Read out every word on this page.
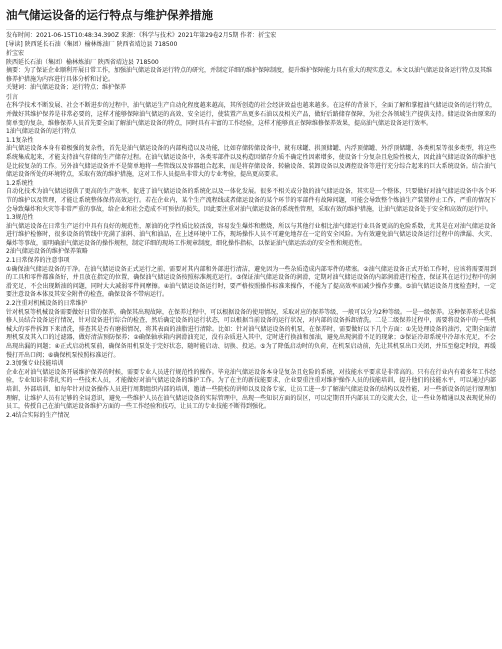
油气储运设备的运行特点与维护保养措施
发布时间：2021-06-15T10:48:34.390Z 来源：《科学与技术》2021年第29卷2月5期 作者：折宝宏
[导读] 陕西延长石油（集团）榆林炼油厂 陕西省靖边县 718500
折宝宏
陕西延长石油（集团）榆林炼油厂 陕西省靖边县 718500
摘要：为了保证企业顺利开展日常工作，加强油气储运设备运行特点的研究，并制定详细的维护保障制度，提升维护保障能力具有重大的现实意义。本文以油气储运设备运行特点及其维修养护措施为内容进行具体分析和讨论。
关键词：油气储运设备；运行特点；维护保养
引言
在科学技术不断发展、社会不断进步的过程中，油气储运生产自动化程度越来越高，其所创造的社会经济效益也越来越多。在这样的背景下，全面了解和掌握油气储运设备的运行特点，并做好其维护保养是非常必要的，这样才能够保障油气储运的高效、安全运行，使装置产出更多石油以及相关产品，做好后路储存保障，为社会各领域生产提供支持。储运设备由原来的简单变的复杂，维修保养人员首先要全面了解油气储运设备的特点，同时具有丰富的工作经验，这样才能够真正保障维修保养效果，提高油气储运设备运行效率。
1油气储运设备的运行特点
1.1复杂性
油气储运设备本身有着极强的复杂性，首先是油气储运设备的内部构造以及功能，比如存储转储设备中，就有球罐、拱顶储罐、内浮顶储罐、外浮顶储罐、各类机泵等很多类型，将这些系统集成起来，才能支持油气存储的生产储存过程。在油气储运设备中，各类零部件以及构造因储存介质不确定性因素增多，使设备十分复杂且危险性极大，因此油气储运设备的维护也是比较复杂的工作。另外油气储运设备并不是简单地将一些管线以及容器组合起来，而是将存储设备、转输设备、装卸设备以及调控设备等进行充分综合起来的巨大系统设备。结合油气储运设备所处的环境特点，采取有效的维护措施，这对工作人员提出非常大的专业考验，提出更高要求。
1.2系统性
自动化技术为油气储运提供了更高的生产效率，促进了油气储运设备的系统化以及一体化发展。很多不相关或分散的油气储运设备，其实是一个整体，只要做好对油气储运设备中各个环节的维护以及管理，才能让系统整体保持高效运行。若在企业内，某个生产流程线或者储运设备的某个环节的零部件有故障问题，可能会导致整个炼油生产装置停止工作，严重的情况下会导致爆炸和火灾等非常严重的事故，给企业和社会造成不可预估的损失，因此要注重对油气储运设备的系统性管理，采取有效的维护措施，让油气储运设备处于安全和高效的运行中。
1.3规范性
油气储运设备在日常生产运行中具有良好的规范性，原油的化学性质比较活泼，容易发生爆炸和燃烧，所以与其他行业相比油气储运行业具备更高的危险系数，尤其是在对油气储运设备进行维护检修时，很多设备的管线中充满了油料、油气和油品，在上述环境中工作，现场操作人员不可避免地存在一定的安全风险。为有效避免油气储运设备运行过程中的泄漏、火灾、爆炸等事故，需明确油气储运设备的操作规程，制定详细的现场工作规章制度，细化操作指标，以保证油气储运活动的安全性和规范性。
2油气储运设备的维护保养策略
2.1日常保养的注意事项
①确保油气储运设备的干净。在油气储运设备正式运行之前，需要对其内部和外部进行清洁，避免因为一些杂质造成内部零件的堵塞。②油气储运设备正式开始工作时，应该将需要用到的工具和零件都准备好，并且放在指定的位置，确保油气储运设备按照标准规范运行。③保证油气储运设备的润滑，定期对油气储运设备的内部润滑进行检查，保证其在运行过程中的润滑充足，不会出现断油的问题，同时大大减弱零件间摩擦。④油气储运设备运行时，要严格按照操作标准来操作，不能为了提高效率而减少操作步骤。⑤油气储运设备月度检查时，一定要注意设备本体及其安全附件的检查，确保设备不带病运行。
2.2注重对机械设备的日常维护
针对机泵等机械设备需要做好日常的保养，确保其出现故障，在保养过程中，可以根据设备的使用情况，采取对应的保养等级，一般可以分为2种等级。一是一级保养。这种保养形式是维修人员结合设备运行情况，针对设备进行综合的检查，然后确定设备的运行状态，可以根据当前设备的运行状况，对内部的设备拆卸清洗。二是二级保养过程中，需要将设备中的一些机械大的零件拆卸下来清洗，排查其是否有磨损情况，将其表面的油脂进行清除。比如：针对油气储运设备的机泵，在保养时，需要做好以下几个方面：①先处理设备的油污，定期全面清理机泵及其入口的过滤器，做好清洁预防保养；②确保轴承箱内润滑油充足，没有杂质进入其中，定时进行换油和加油，避免出现润滑不足的现象；③保证冷却系统中冷却水充足，不会出现出漏的问题；④正式启动机泵前，确保备用机泵处于完好状态，随时能启动、切换、投运。⑤为了降低启动时的负荷，在机泵启动前，先让其机泵出口关闭，并压至稳定时段，再缓慢打开出口阀；⑥确保机泵按照标准运行。
2.3加强专业技能培训
企业在对油气储运设备开展维护保养的时候，需要专业人员进行规范性的操作。毕竟油气储运设备本身是复杂且危险的系统，对技能水平要求是非常高的。只有在行业内有着多年工作经验，专业知识非常扎实的一些技术人员，才能做好对油气储运设备的维护工作。为了在主的新技能要求，企业要重注重对维护操作人员的技能培训，提升他们的技能水平，可以通过内部培训、外部培训、如每年针对设备操作人员进行周期组织内部的培训，邀请一些院校的讲师以及设备专家，让员工进一步了解油气储运设备的结构以及性能，对一些新设备的运行原理加理解，让维护人员有足够的全局意识，避免一些维护人员在油气储运设备的实际管理中，出现一些知识方面的误区，可以定期召开内部员工的交流大会，让一些业务精通以及表现优异的员工，传授自己在油气储运设备维护方面的一些工作经验和技巧，让员工的专业技能不断得到强化。
2.4结合实际的生产情况
